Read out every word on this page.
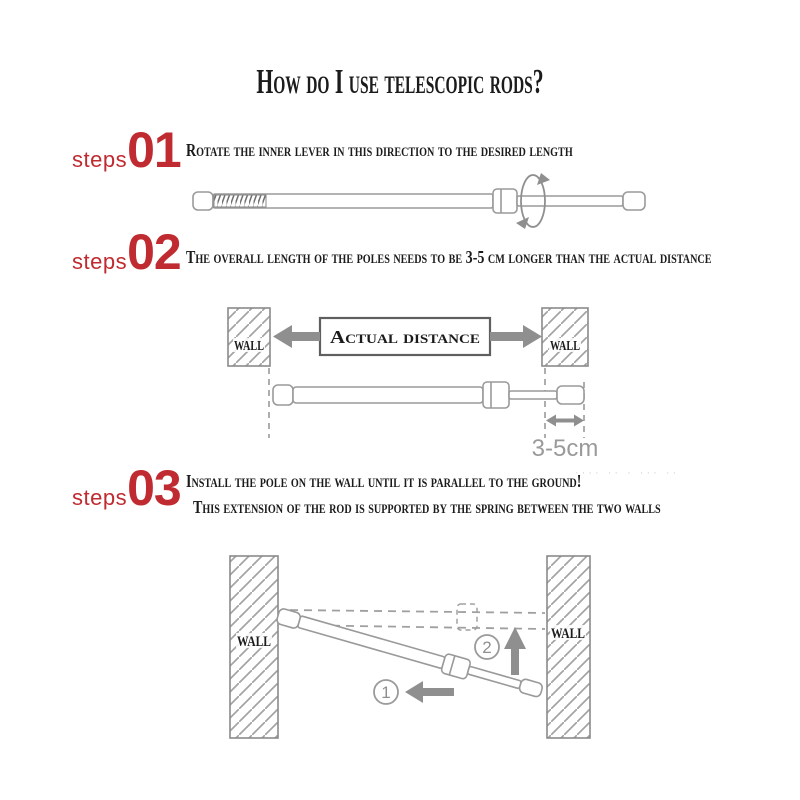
How do I use telescopic rods?
steps 01 Rotate the inner lever in this direction to the desired length
steps 02 The overall length of the poles needs to be 3-5 cm longer than the actual distance
WALL	WALL
Actual distance
3-5cm
steps 03 Install the pole on the wall until it is parallel to the ground!
This extension of the rod is supported by the spring between the two walls
···· ·· · ··· ··
WALL	WALL
2
1
